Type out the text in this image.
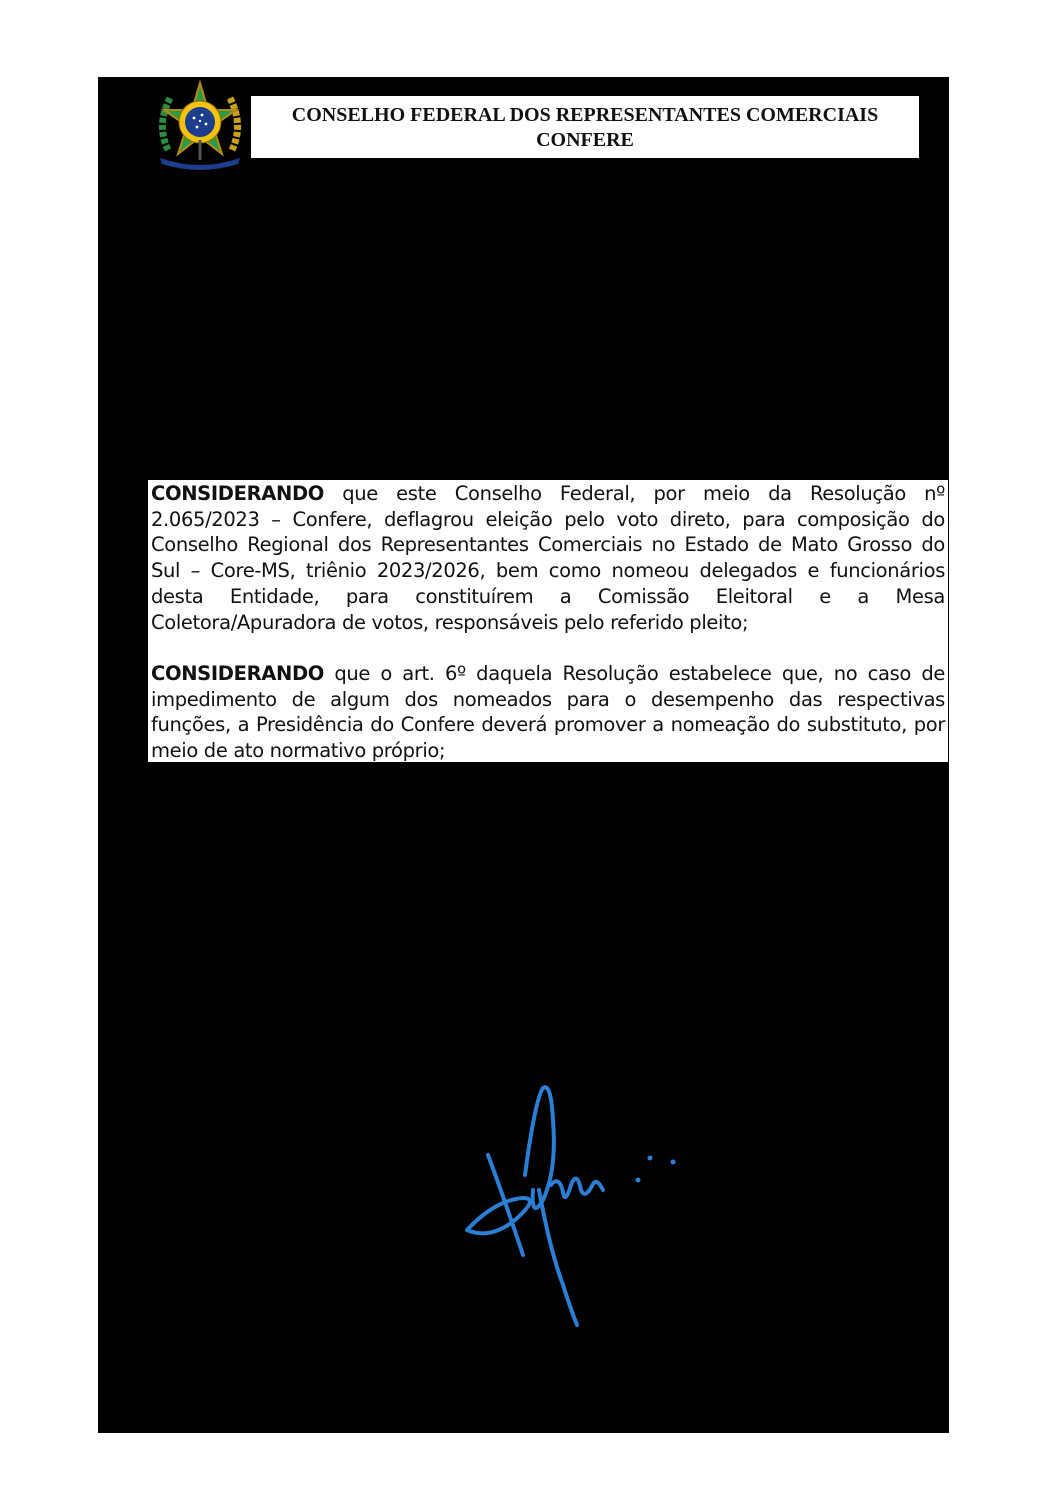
CONSELHO FEDERAL DOS REPRESENTANTES COMERCIAIS
CONFERE

CONSIDERANDO que este Conselho Federal, por meio da Resolução nº 2.065/2023 – Confere, deflagrou eleição pelo voto direto, para composição do Conselho Regional dos Representantes Comerciais no Estado de Mato Grosso do Sul – Core-MS, triênio 2023/2026, bem como nomeou delegados e funcionários desta Entidade, para constituírem a Comissão Eleitoral e a Mesa Coletora/Apuradora de votos, responsáveis pelo referido pleito;

CONSIDERANDO que o art. 6º daquela Resolução estabelece que, no caso de impedimento de algum dos nomeados para o desempenho das respectivas funções, a Presidência do Confere deverá promover a nomeação do substituto, por meio de ato normativo próprio;
